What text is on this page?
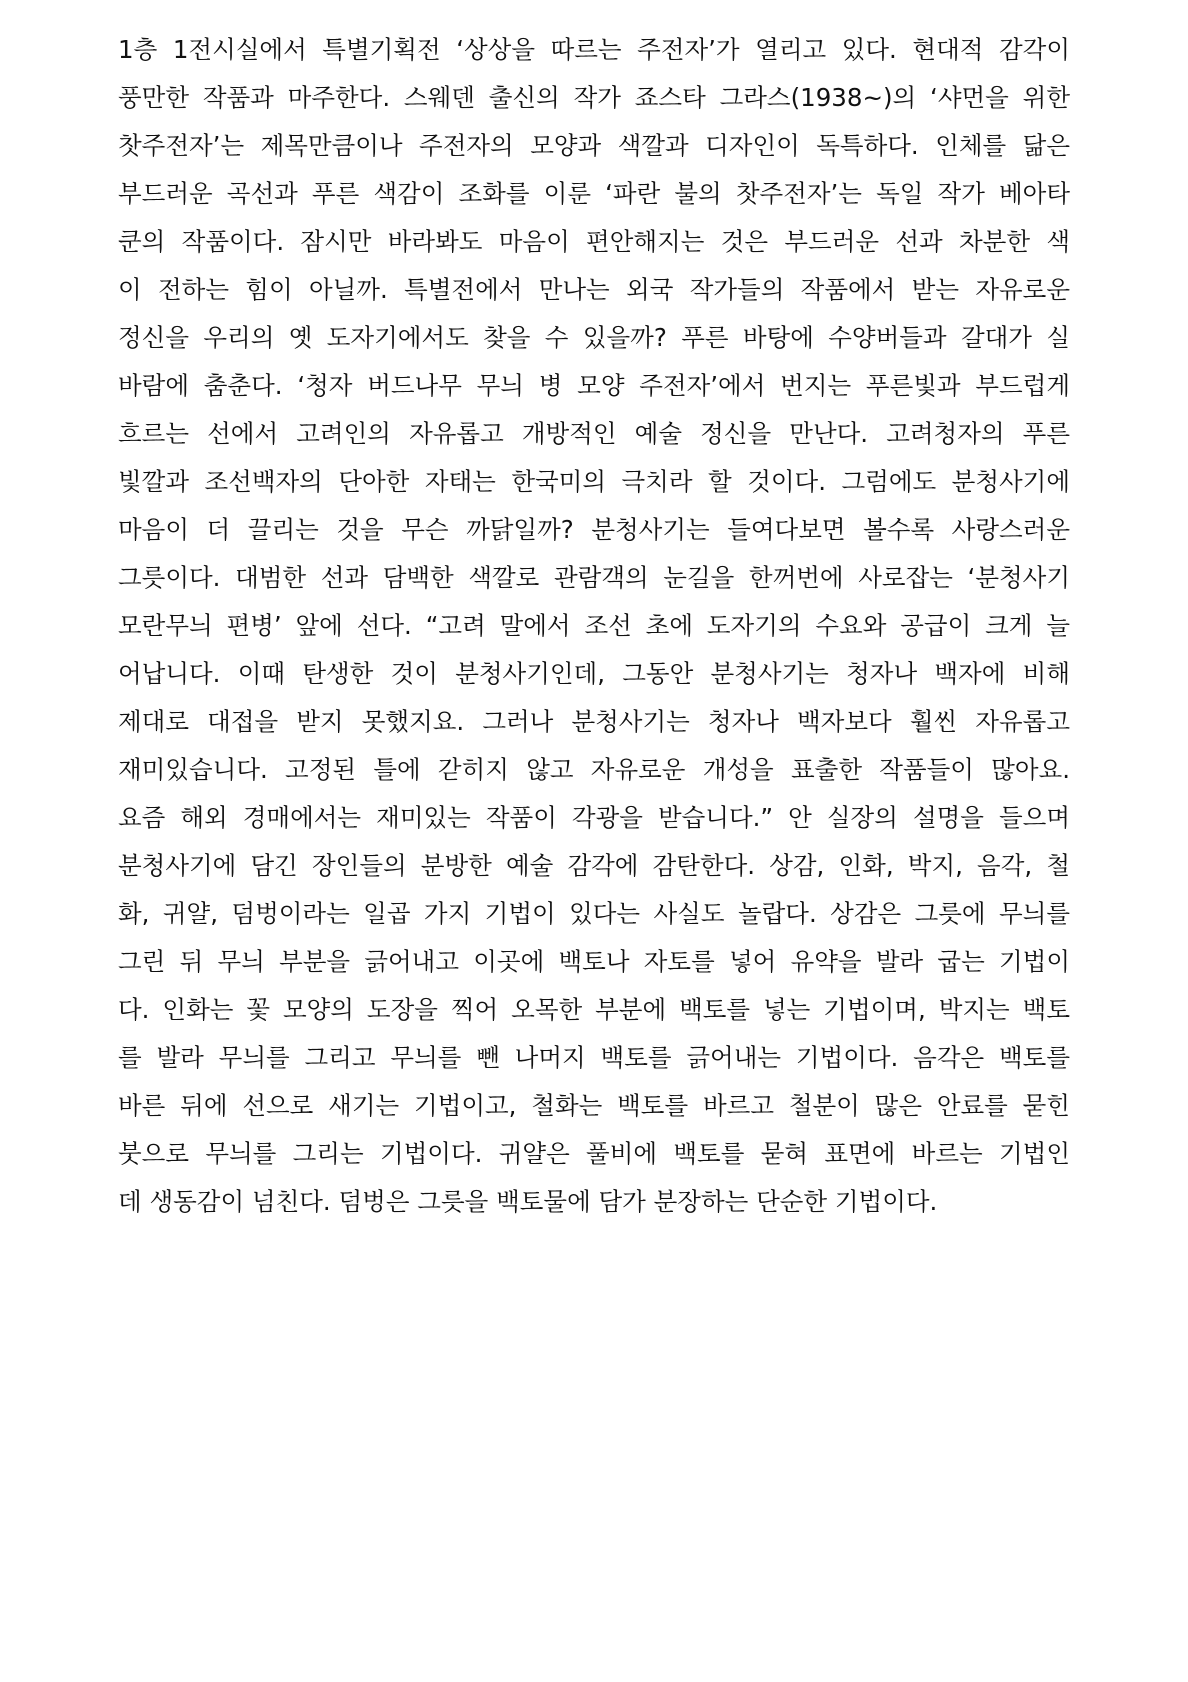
1층 1전시실에서 특별기획전 ‘상상을 따르는 주전자’가 열리고 있다. 현대적 감각이
풍만한 작품과 마주한다. 스웨덴 출신의 작가 죠스타 그라스(1938~)의 ‘샤먼을 위한
찻주전자’는 제목만큼이나 주전자의 모양과 색깔과 디자인이 독특하다. 인체를 닮은
부드러운 곡선과 푸른 색감이 조화를 이룬 ‘파란 불의 찻주전자’는 독일 작가 베아타
쿤의 작품이다. 잠시만 바라봐도 마음이 편안해지는 것은 부드러운 선과 차분한 색
이 전하는 힘이 아닐까. 특별전에서 만나는 외국 작가들의 작품에서 받는 자유로운
정신을 우리의 옛 도자기에서도 찾을 수 있을까? 푸른 바탕에 수양버들과 갈대가 실
바람에 춤춘다. ‘청자 버드나무 무늬 병 모양 주전자’에서 번지는 푸른빛과 부드럽게
흐르는 선에서 고려인의 자유롭고 개방적인 예술 정신을 만난다. 고려청자의 푸른
빛깔과 조선백자의 단아한 자태는 한국미의 극치라 할 것이다. 그럼에도 분청사기에
마음이 더 끌리는 것을 무슨 까닭일까? 분청사기는 들여다보면 볼수록 사랑스러운
그릇이다. 대범한 선과 담백한 색깔로 관람객의 눈길을 한꺼번에 사로잡는 ‘분청사기
모란무늬 편병’ 앞에 선다. “고려 말에서 조선 초에 도자기의 수요와 공급이 크게 늘
어납니다. 이때 탄생한 것이 분청사기인데, 그동안 분청사기는 청자나 백자에 비해
제대로 대접을 받지 못했지요. 그러나 분청사기는 청자나 백자보다 훨씬 자유롭고
재미있습니다. 고정된 틀에 갇히지 않고 자유로운 개성을 표출한 작품들이 많아요.
요즘 해외 경매에서는 재미있는 작품이 각광을 받습니다.” 안 실장의 설명을 들으며
분청사기에 담긴 장인들의 분방한 예술 감각에 감탄한다. 상감, 인화, 박지, 음각, 철
화, 귀얄, 덤벙이라는 일곱 가지 기법이 있다는 사실도 놀랍다. 상감은 그릇에 무늬를
그린 뒤 무늬 부분을 긁어내고 이곳에 백토나 자토를 넣어 유약을 발라 굽는 기법이
다. 인화는 꽃 모양의 도장을 찍어 오목한 부분에 백토를 넣는 기법이며, 박지는 백토
를 발라 무늬를 그리고 무늬를 뺀 나머지 백토를 긁어내는 기법이다. 음각은 백토를
바른 뒤에 선으로 새기는 기법이고, 철화는 백토를 바르고 철분이 많은 안료를 묻힌
붓으로 무늬를 그리는 기법이다. 귀얄은 풀비에 백토를 묻혀 표면에 바르는 기법인
데 생동감이 넘친다. 덤벙은 그릇을 백토물에 담가 분장하는 단순한 기법이다.
